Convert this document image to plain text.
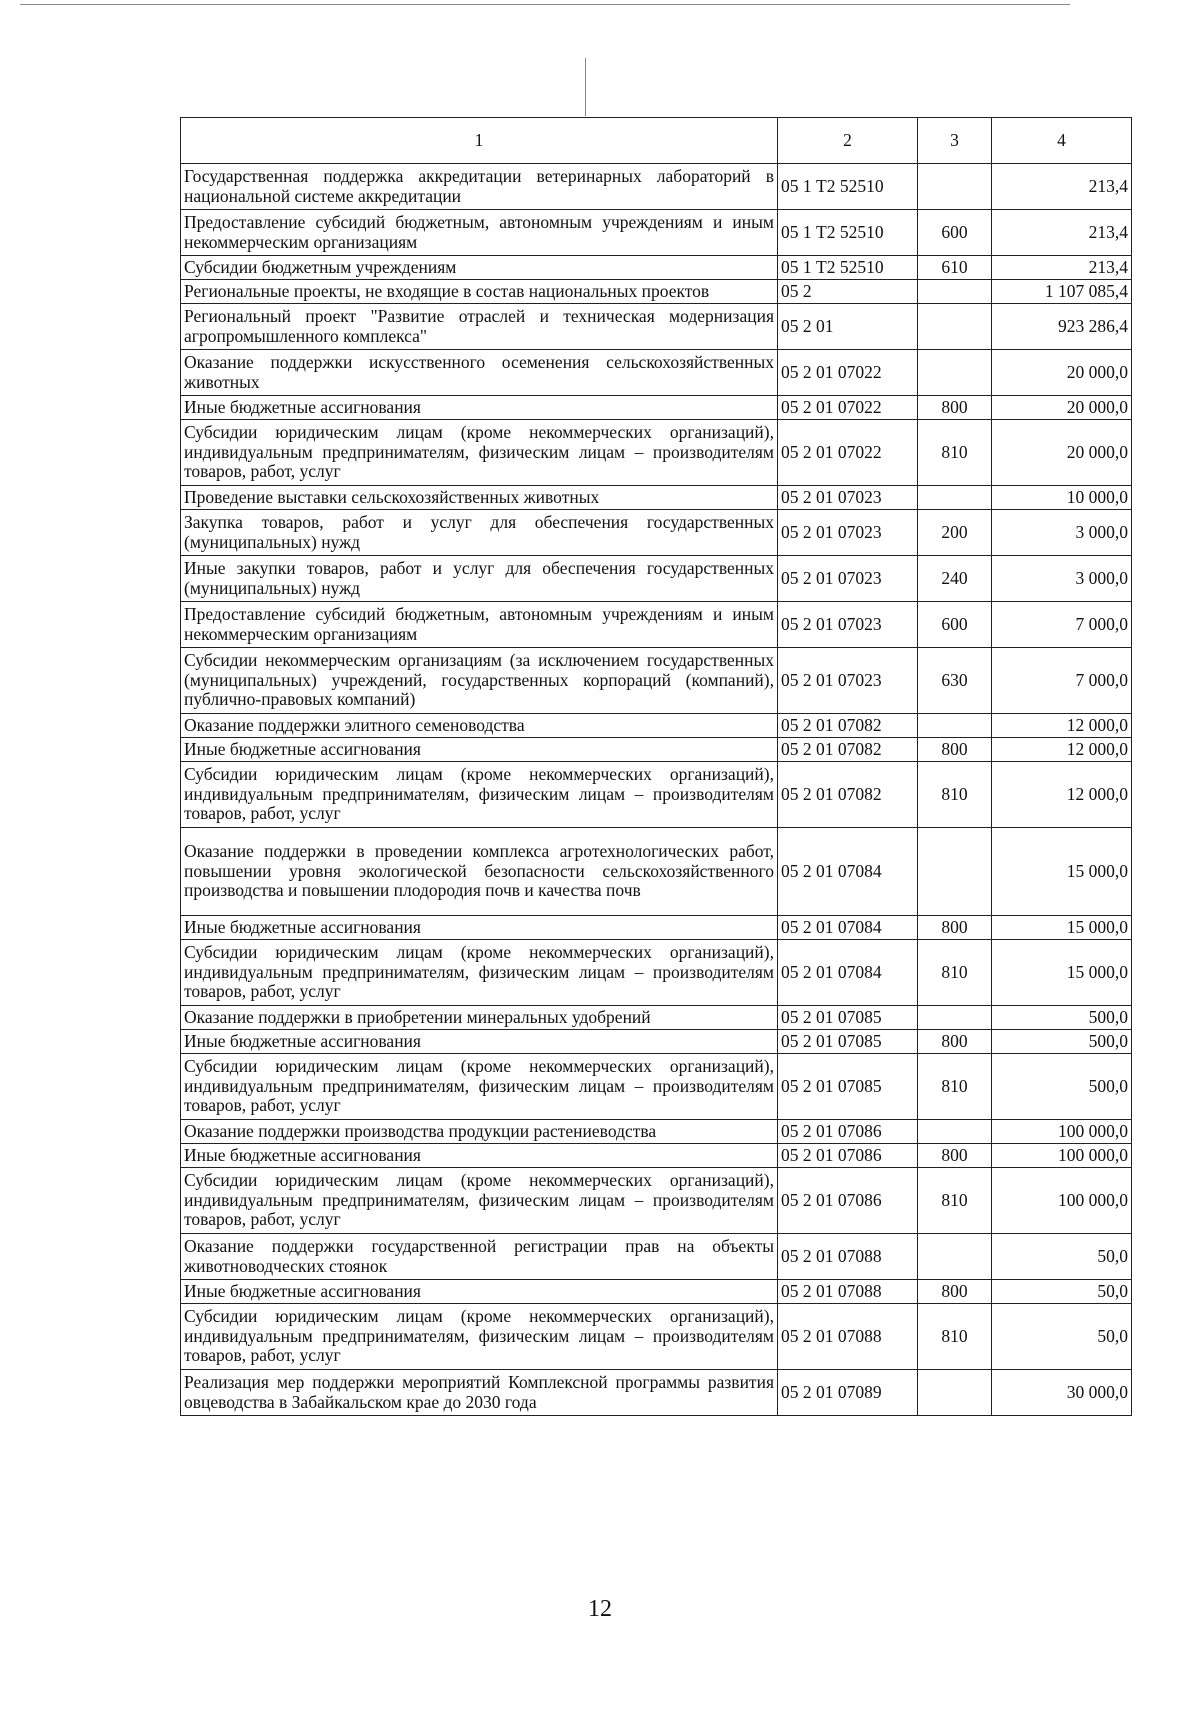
1	2	3	4
Государственная поддержка аккредитации ветеринарных лабораторий в национальной системе аккредитации	05 1 Т2 52510		213,4
Предоставление субсидий бюджетным, автономным учреждениям и иным некоммерческим организациям	05 1 Т2 52510	600	213,4
Субсидии бюджетным учреждениям	05 1 Т2 52510	610	213,4
Региональные проекты, не входящие в состав национальных проектов	05 2		1 107 085,4
Региональный проект "Развитие отраслей и техническая модернизация агропромышленного комплекса"	05 2 01		923 286,4
Оказание поддержки искусственного осеменения сельскохозяйственных животных	05 2 01 07022		20 000,0
Иные бюджетные ассигнования	05 2 01 07022	800	20 000,0
Субсидии юридическим лицам (кроме некоммерческих организаций), индивидуальным предпринимателям, физическим лицам – производителям товаров, работ, услуг	05 2 01 07022	810	20 000,0
Проведение выставки сельскохозяйственных животных	05 2 01 07023		10 000,0
Закупка товаров, работ и услуг для обеспечения государственных (муниципальных) нужд	05 2 01 07023	200	3 000,0
Иные закупки товаров, работ и услуг для обеспечения государственных (муниципальных) нужд	05 2 01 07023	240	3 000,0
Предоставление субсидий бюджетным, автономным учреждениям и иным некоммерческим организациям	05 2 01 07023	600	7 000,0
Субсидии некоммерческим организациям (за исключением государственных (муниципальных) учреждений, государственных корпораций (компаний), публично-правовых компаний)	05 2 01 07023	630	7 000,0
Оказание поддержки элитного семеноводства	05 2 01 07082		12 000,0
Иные бюджетные ассигнования	05 2 01 07082	800	12 000,0
Субсидии юридическим лицам (кроме некоммерческих организаций), индивидуальным предпринимателям, физическим лицам – производителям товаров, работ, услуг	05 2 01 07082	810	12 000,0
Оказание поддержки в проведении комплекса агротехнологических работ, повышении уровня экологической безопасности сельскохозяйственного производства и повышении плодородия почв и качества почв	05 2 01 07084		15 000,0
Иные бюджетные ассигнования	05 2 01 07084	800	15 000,0
Субсидии юридическим лицам (кроме некоммерческих организаций), индивидуальным предпринимателям, физическим лицам – производителям товаров, работ, услуг	05 2 01 07084	810	15 000,0
Оказание поддержки в приобретении минеральных удобрений	05 2 01 07085		500,0
Иные бюджетные ассигнования	05 2 01 07085	800	500,0
Субсидии юридическим лицам (кроме некоммерческих организаций), индивидуальным предпринимателям, физическим лицам – производителям товаров, работ, услуг	05 2 01 07085	810	500,0
Оказание поддержки производства продукции растениеводства	05 2 01 07086		100 000,0
Иные бюджетные ассигнования	05 2 01 07086	800	100 000,0
Субсидии юридическим лицам (кроме некоммерческих организаций), индивидуальным предпринимателям, физическим лицам – производителям товаров, работ, услуг	05 2 01 07086	810	100 000,0
Оказание поддержки государственной регистрации прав на объекты животноводческих стоянок	05 2 01 07088		50,0
Иные бюджетные ассигнования	05 2 01 07088	800	50,0
Субсидии юридическим лицам (кроме некоммерческих организаций), индивидуальным предпринимателям, физическим лицам – производителям товаров, работ, услуг	05 2 01 07088	810	50,0
Реализация мер поддержки мероприятий Комплексной программы развития овцеводства в Забайкальском крае до 2030 года	05 2 01 07089		30 000,0
12
